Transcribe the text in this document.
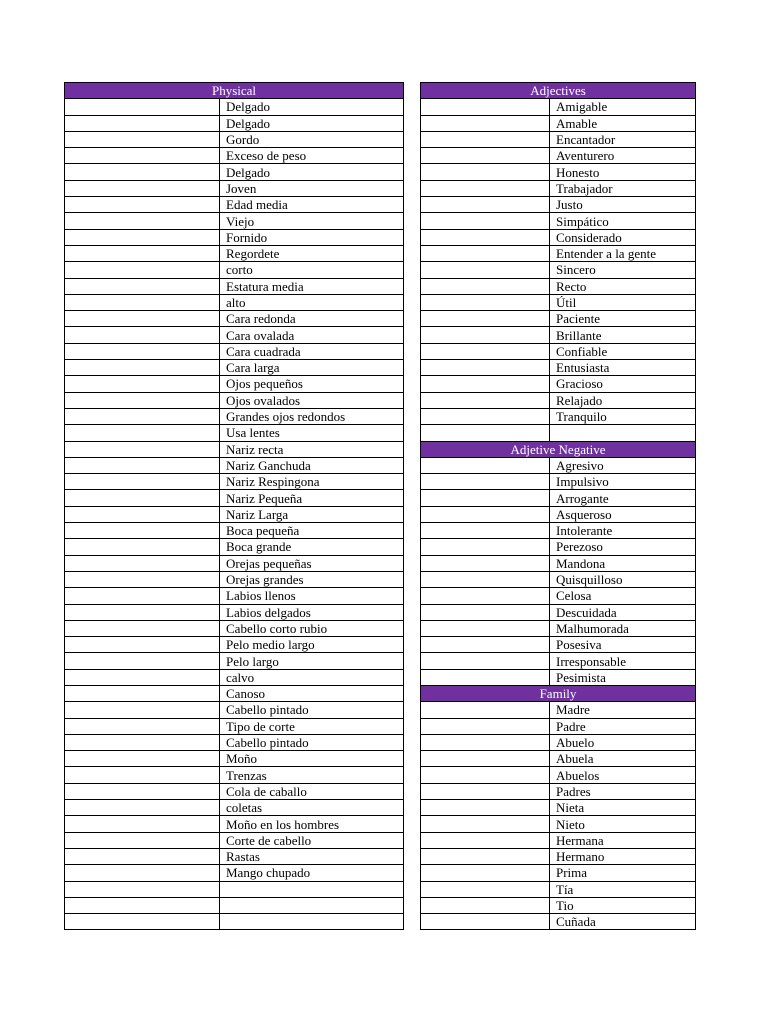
Physical	
	Delgado
	Delgado
	Gordo
	Exceso de peso
	Delgado
	Joven
	Edad media
	Viejo
	Fornido
	Regordete
	corto
	Estatura media
	alto
	Cara redonda
	Cara ovalada
	Cara cuadrada
	Cara larga
	Ojos pequeños
	Ojos ovalados
	Grandes ojos redondos
	Usa lentes
	Nariz recta
	Nariz Ganchuda
	Nariz Respingona
	Nariz Pequeña
	Nariz Larga
	Boca pequeña
	Boca grande
	Orejas pequeñas
	Orejas grandes
	Labios llenos
	Labios delgados
	Cabello corto rubio
	Pelo medio largo
	Pelo largo
	calvo
	Canoso
	Cabello pintado
	Tipo de corte
	Cabello pintado
	Moño
	Trenzas
	Cola de caballo
	coletas
	Moño en los hombres
	Corte de cabello
	Rastas
	Mango chupado

Adjectives	
	Amigable
	Amable
	Encantador
	Aventurero
	Honesto
	Trabajador
	Justo
	Simpático
	Considerado
	Entender a la gente
	Sincero
	Recto
	Útil
	Paciente
	Brillante
	Confiable
	Entusiasta
	Gracioso
	Relajado
	Tranquilo

Adjetive Negative	
	Agresivo
	Impulsivo
	Arrogante
	Asqueroso
	Intolerante
	Perezoso
	Mandona
	Quisquilloso
	Celosa
	Descuidada
	Malhumorada
	Posesiva
	Irresponsable
	Pesimista
Family	
	Madre
	Padre
	Abuelo
	Abuela
	Abuelos
	Padres
	Nieta
	Nieto
	Hermana
	Hermano
	Prima
	Tía
	Tio
	Cuñada
